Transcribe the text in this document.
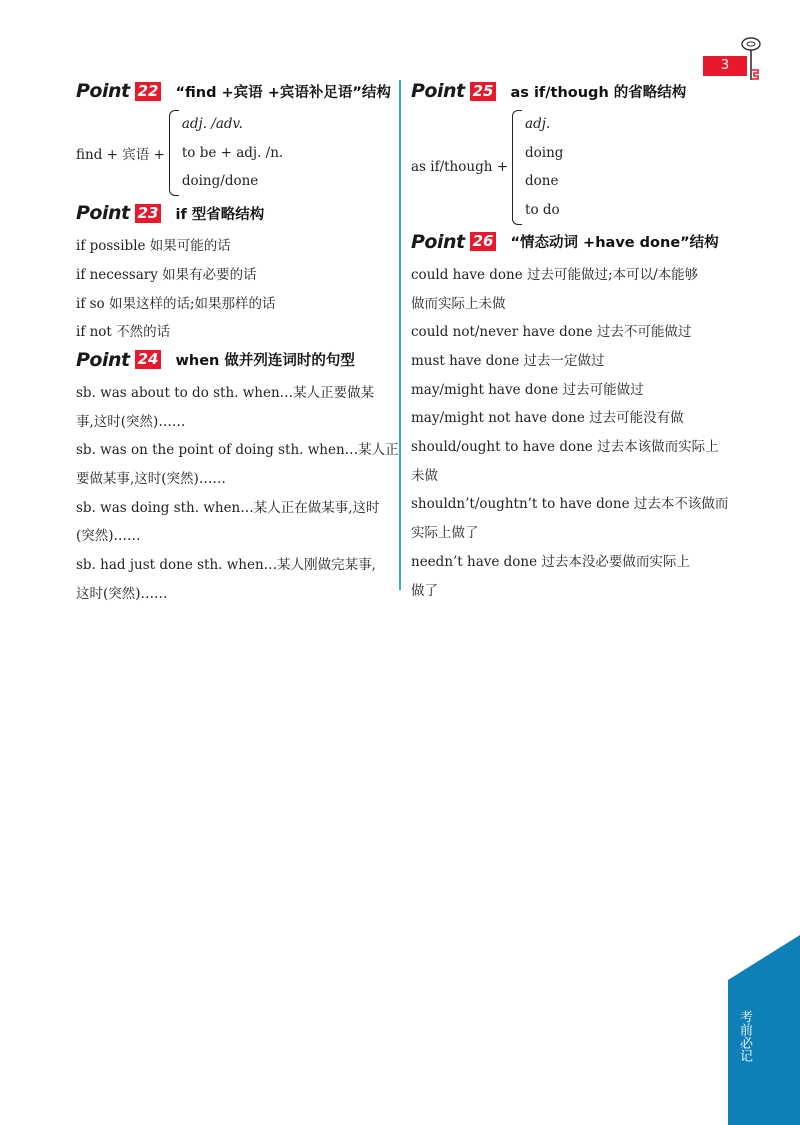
3
Point 22 “find +宾语 +宾语补足语”结构
find + 宾语 +
adj. /adv.
to be + adj. /n.
doing/done
Point 23 if 型省略结构
if possible 如果可能的话
if necessary 如果有必要的话
if so 如果这样的话;如果那样的话
if not 不然的话
Point 24 when 做并列连词时的句型
sb. was about to do sth. when…某人正要做某
事,这时(突然)……
sb. was on the point of doing sth. when…某人正
要做某事,这时(突然)……
sb. was doing sth. when…某人正在做某事,这时
(突然)……
sb. had just done sth. when…某人刚做完某事,
这时(突然)……
Point 25 as if/though 的省略结构
as if/though +
adj.
doing
done
to do
Point 26 “情态动词 +have done”结构
could have done 过去可能做过;本可以/本能够
做而实际上未做
could not/never have done 过去不可能做过
must have done 过去一定做过
may/might have done 过去可能做过
may/might not have done 过去可能没有做
should/ought to have done 过去本该做而实际上
未做
shouldn’t/oughtn’t to have done 过去本不该做而
实际上做了
needn’t have done 过去本没必要做而实际上
做了
考前必记
